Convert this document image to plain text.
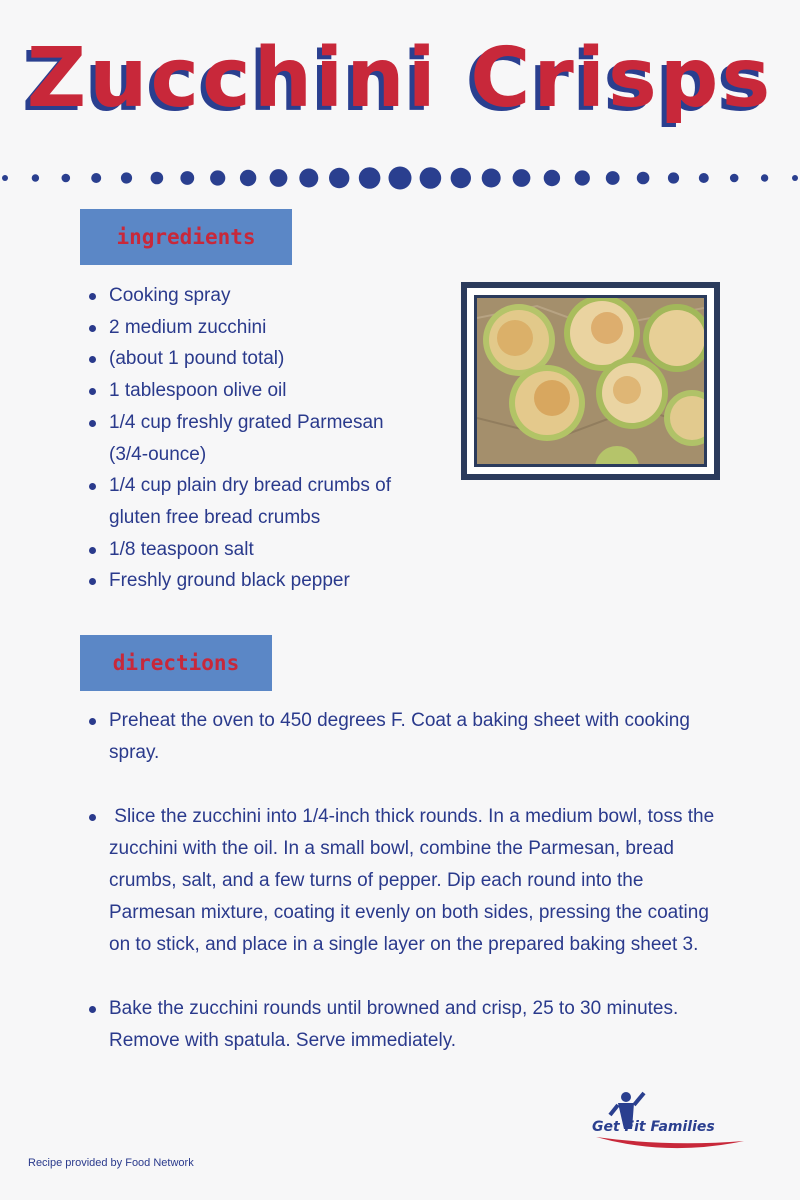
Zucchini Crisps
ingredients
Cooking spray
2 medium zucchini
(about 1 pound total)
1 tablespoon olive oil
1/4 cup freshly grated Parmesan (3/4-ounce)
1/4 cup plain dry bread crumbs of gluten free bread crumbs
1/8 teaspoon salt
Freshly ground black pepper
directions
Preheat the oven to 450 degrees F. Coat a baking sheet with cooking spray.
Slice the zucchini into 1/4-inch thick rounds. In a medium bowl, toss the zucchini with the oil. In a small bowl, combine the Parmesan, bread crumbs, salt, and a few turns of pepper. Dip each round into the Parmesan mixture, coating it evenly on both sides, pressing the coating on to stick, and place in a single layer on the prepared baking sheet 3.
Bake the zucchini rounds until browned and crisp, 25 to 30 minutes. Remove with spatula. Serve immediately.
Get Fit Families
Recipe provided by Food Network
